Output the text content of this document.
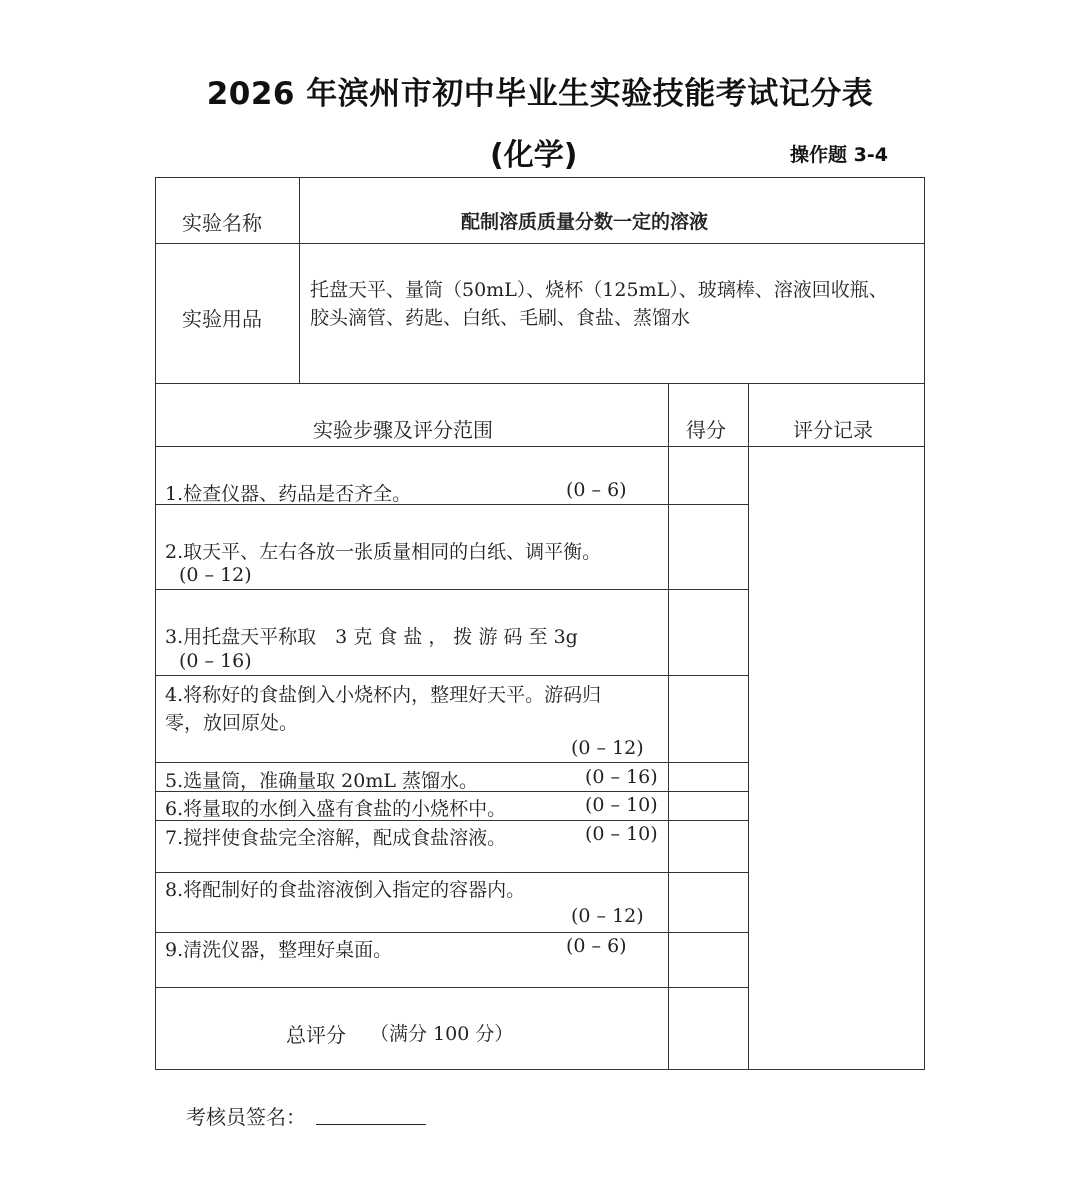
2026 年滨州市初中毕业生实验技能考试记分表
(化学)	操作题 3-4
实验名称	配制溶质质量分数一定的溶液
实验用品
托盘天平、量筒（50mL）、烧杯（125mL）、玻璃棒、溶液回收瓶、
胶头滴管、药匙、白纸、毛刷、食盐、蒸馏水
实验步骤及评分范围	得分	评分记录
1.检查仪器、药品是否齐全。	(0 – 6)
2.取天平、左右各放一张质量相同的白纸、调平衡。
(0 – 12)
3.用托盘天平称取　3 克 食 盐 ， 拨 游 码 至 3g
(0 – 16)
4.将称好的食盐倒入小烧杯内，整理好天平。游码归
零，放回原处。
(0 – 12)
5.选量筒，准确量取 20mL 蒸馏水。	(0 – 16)
6.将量取的水倒入盛有食盐的小烧杯中。	(0 – 10)
7.搅拌使食盐完全溶解，配成食盐溶液。	(0 – 10)
8.将配制好的食盐溶液倒入指定的容器内。
(0 – 12)
9.清洗仪器，整理好桌面。	(0 – 6)
总评分 （满分 100 分）
考核员签名：
